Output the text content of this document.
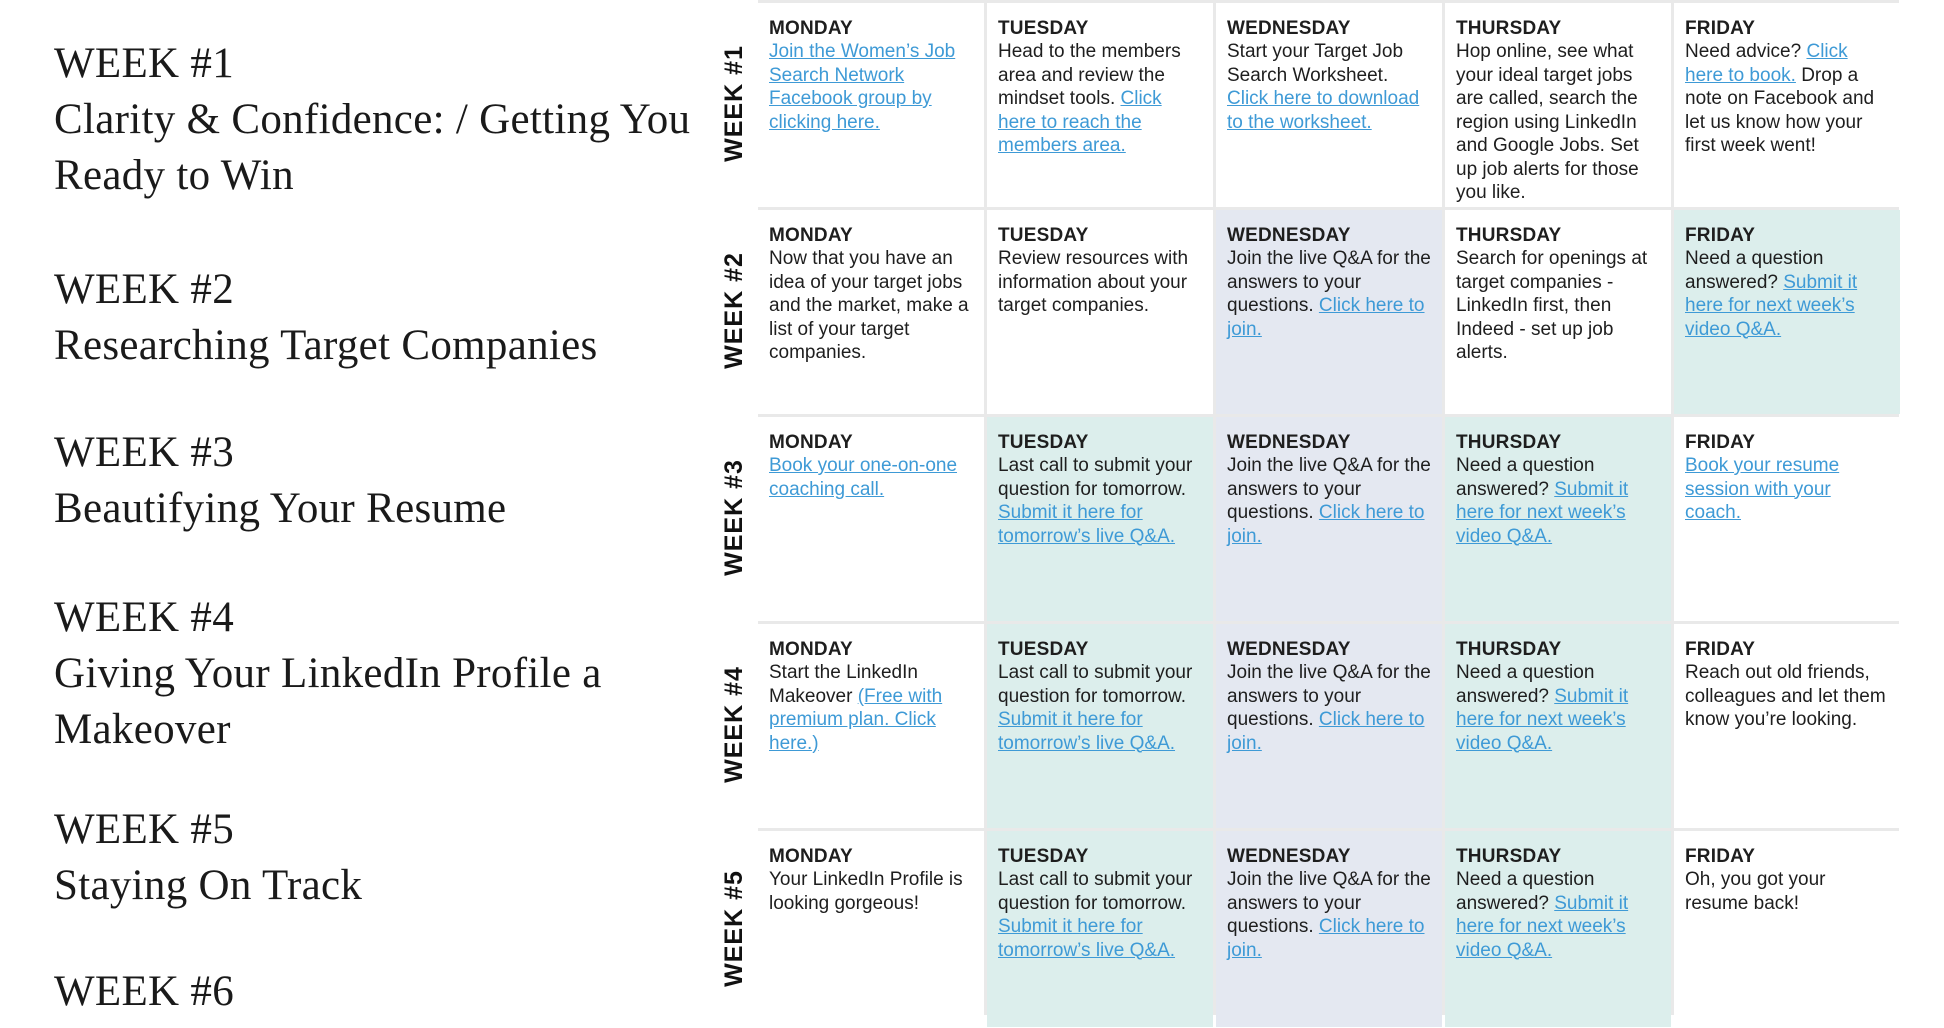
WEEK #1
Clarity & Confidence: / Getting You Ready to Win
WEEK #2
Researching Target Companies
WEEK #3
Beautifying Your Resume
WEEK #4
Giving Your LinkedIn Profile a Makeover
WEEK #5
Staying On Track
WEEK #6
WEEK #1
WEEK #2
WEEK #3
WEEK #4
WEEK #5
MONDAY
Join the Women’s Job Search Network Facebook group by clicking here.
TUESDAY
Head to the members area and review the mindset tools. Click here to reach the members area.
WEDNESDAY
Start your Target Job Search Worksheet. Click here to download to the worksheet.
THURSDAY
Hop online, see what your ideal target jobs are called, search the region using LinkedIn and Google Jobs. Set up job alerts for those you like.
FRIDAY
Need advice? Click here to book. Drop a note on Facebook and let us know how your first week went!
MONDAY
Now that you have an idea of your target jobs and the market, make a list of your target companies.
TUESDAY
Review resources with information about your target companies.
WEDNESDAY
Join the live Q&A for the answers to your questions. Click here to join.
THURSDAY
Search for openings at target companies - LinkedIn first, then Indeed - set up job alerts.
FRIDAY
Need a question answered? Submit it here for next week’s video Q&A.
MONDAY
Book your one-on-one coaching call.
TUESDAY
Last call to submit your question for tomorrow. Submit it here for tomorrow’s live Q&A.
WEDNESDAY
Join the live Q&A for the answers to your questions. Click here to join.
THURSDAY
Need a question answered? Submit it here for next week’s video Q&A.
FRIDAY
Book your resume session with your coach.
MONDAY
Start the LinkedIn Makeover (Free with premium plan. Click here.)
TUESDAY
Last call to submit your question for tomorrow. Submit it here for tomorrow’s live Q&A.
WEDNESDAY
Join the live Q&A for the answers to your questions. Click here to join.
THURSDAY
Need a question answered? Submit it here for next week’s video Q&A.
FRIDAY
Reach out old friends, colleagues and let them know you’re looking.
MONDAY
Your LinkedIn Profile is looking gorgeous!
TUESDAY
Last call to submit your question for tomorrow. Submit it here for tomorrow’s live Q&A.
WEDNESDAY
Join the live Q&A for the answers to your questions. Click here to join.
THURSDAY
Need a question answered? Submit it here for next week’s video Q&A.
FRIDAY
Oh, you got your resume back!
